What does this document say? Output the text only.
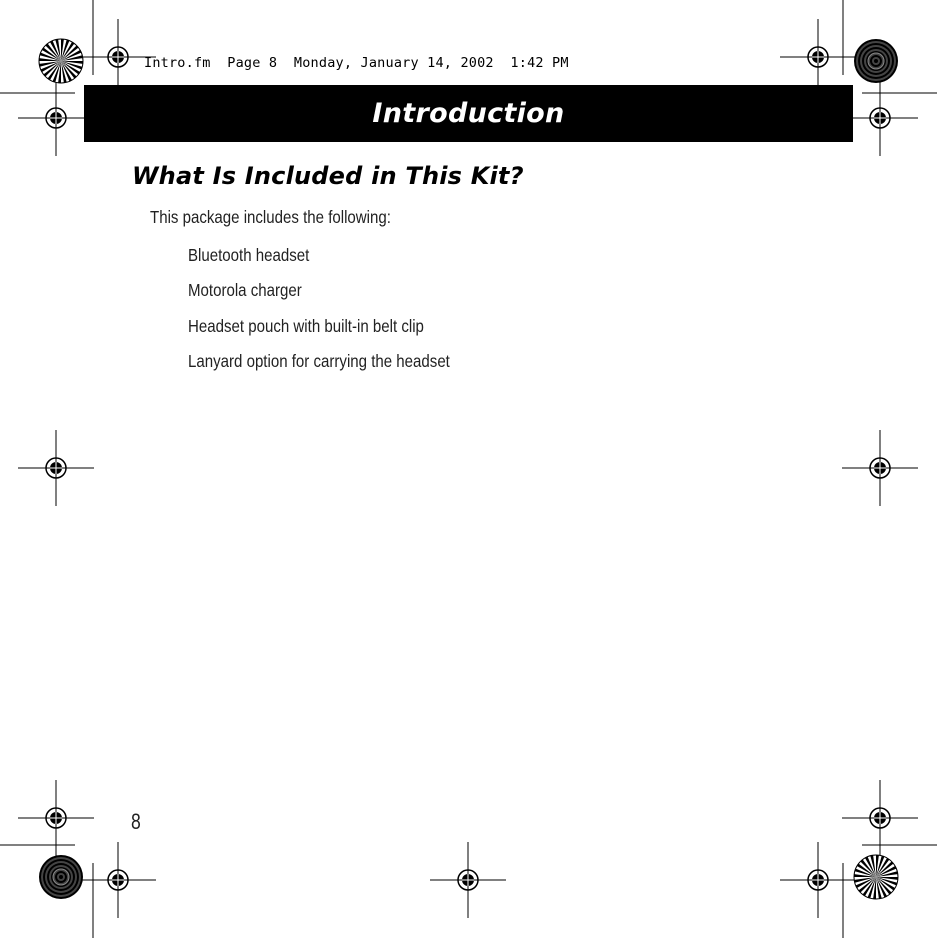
Intro.fm  Page 8  Monday, January 14, 2002  1:42 PM
Introduction
What Is Included in This Kit?
This package includes the following:
Bluetooth headset
Motorola charger
Headset pouch with built-in belt clip
Lanyard option for carrying the headset
8
